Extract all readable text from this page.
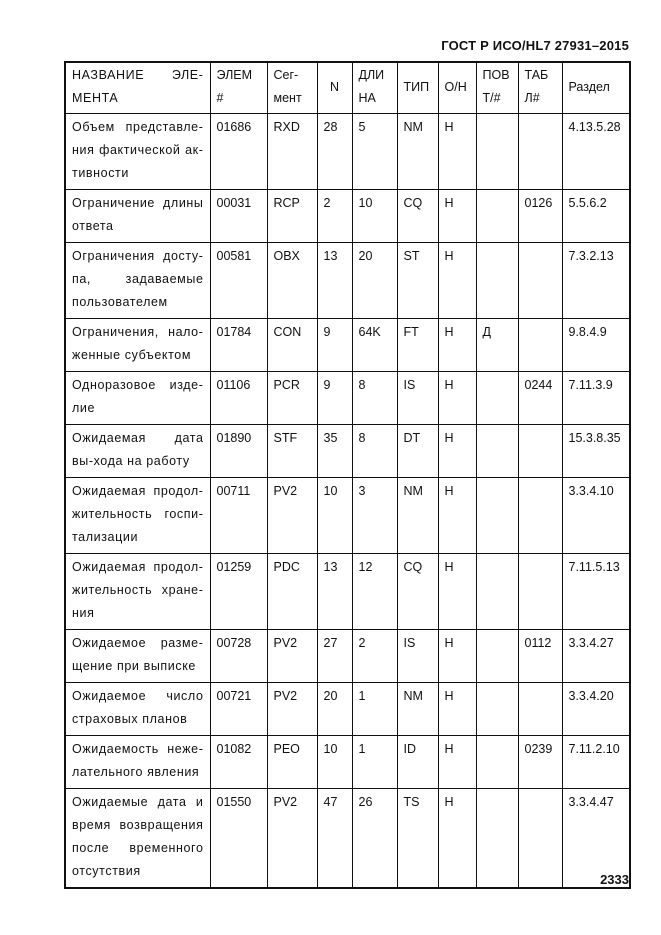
ГОСТ Р ИСО/HL7 27931–2015
НАЗВАНИЕ ЭЛЕ-МЕНТА	ЭЛЕМ #	Сег-мент	N	ДЛИ НА	ТИП	О/Н	ПОВ Т/#	ТАБ Л#	Раздел
Объем представле-ния фактической ак-тивности	01686	RXD	28	5	NM	Н			4.13.5.28
Ограничение длины ответа	00031	RCP	2	10	CQ	Н		0126	5.5.6.2
Ограничения досту-па, задаваемые пользователем	00581	OBX	13	20	ST	Н			7.3.2.13
Ограничения, нало-женные субъектом	01784	CON	9	64K	FT	Н	Д		9.8.4.9
Одноразовое изде-лие	01106	PCR	9	8	IS	Н		0244	7.11.3.9
Ожидаемая дата вы-хода на работу	01890	STF	35	8	DT	Н			15.3.8.35
Ожидаемая продол-жительность госпи-тализации	00711	PV2	10	3	NM	Н			3.3.4.10
Ожидаемая продол-жительность хране-ния	01259	PDC	13	12	CQ	Н			7.11.5.13
Ожидаемое разме-щение при выписке	00728	PV2	27	2	IS	Н		0112	3.3.4.27
Ожидаемое число страховых планов	00721	PV2	20	1	NM	Н			3.3.4.20
Ожидаемость нежe-лательного явления	01082	PEO	10	1	ID	Н		0239	7.11.2.10
Ожидаемые дата и время возвращения после временного отсутствия	01550	PV2	47	26	TS	Н			3.3.4.47
2333
